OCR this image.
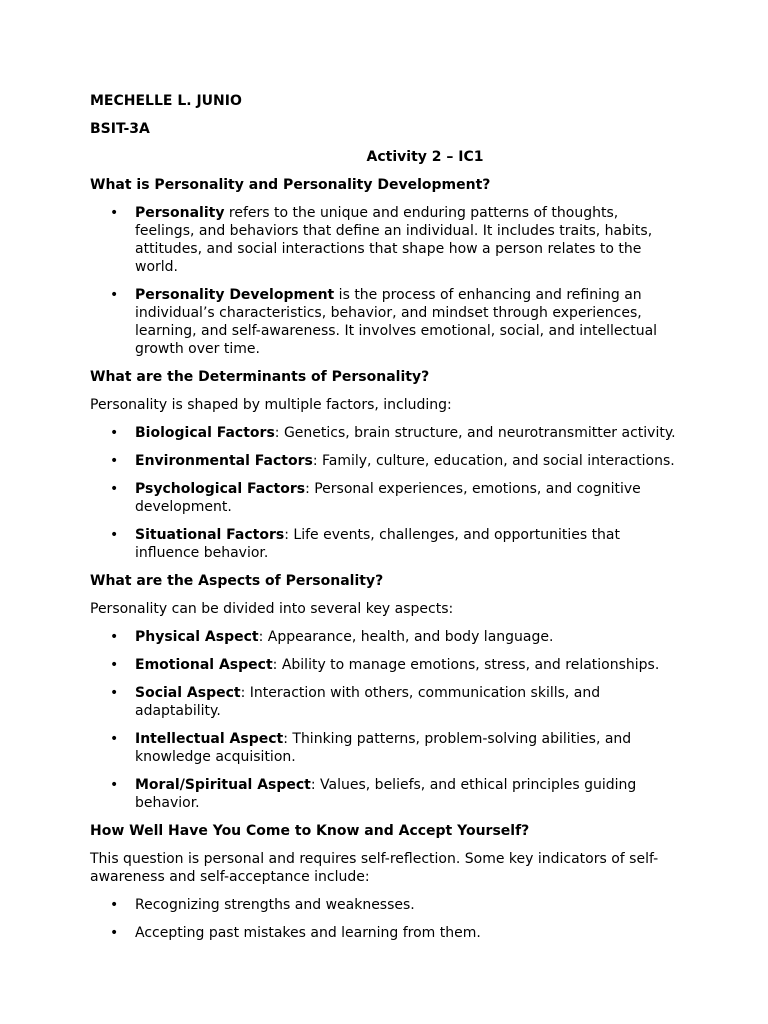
MECHELLE L. JUNIO

BSIT-3A

Activity 2 – IC1

What is Personality and Personality Development?

• Personality refers to the unique and enduring patterns of thoughts, feelings, and behaviors that define an individual. It includes traits, habits, attitudes, and social interactions that shape how a person relates to the world.
• Personality Development is the process of enhancing and refining an individual’s characteristics, behavior, and mindset through experiences, learning, and self-awareness. It involves emotional, social, and intellectual growth over time.

What are the Determinants of Personality?

Personality is shaped by multiple factors, including:

• Biological Factors: Genetics, brain structure, and neurotransmitter activity.
• Environmental Factors: Family, culture, education, and social interactions.
• Psychological Factors: Personal experiences, emotions, and cognitive development.
• Situational Factors: Life events, challenges, and opportunities that influence behavior.

What are the Aspects of Personality?

Personality can be divided into several key aspects:

• Physical Aspect: Appearance, health, and body language.
• Emotional Aspect: Ability to manage emotions, stress, and relationships.
• Social Aspect: Interaction with others, communication skills, and adaptability.
• Intellectual Aspect: Thinking patterns, problem-solving abilities, and knowledge acquisition.
• Moral/Spiritual Aspect: Values, beliefs, and ethical principles guiding behavior.

How Well Have You Come to Know and Accept Yourself?

This question is personal and requires self-reflection. Some key indicators of self-awareness and self-acceptance include:

• Recognizing strengths and weaknesses.
• Accepting past mistakes and learning from them.
